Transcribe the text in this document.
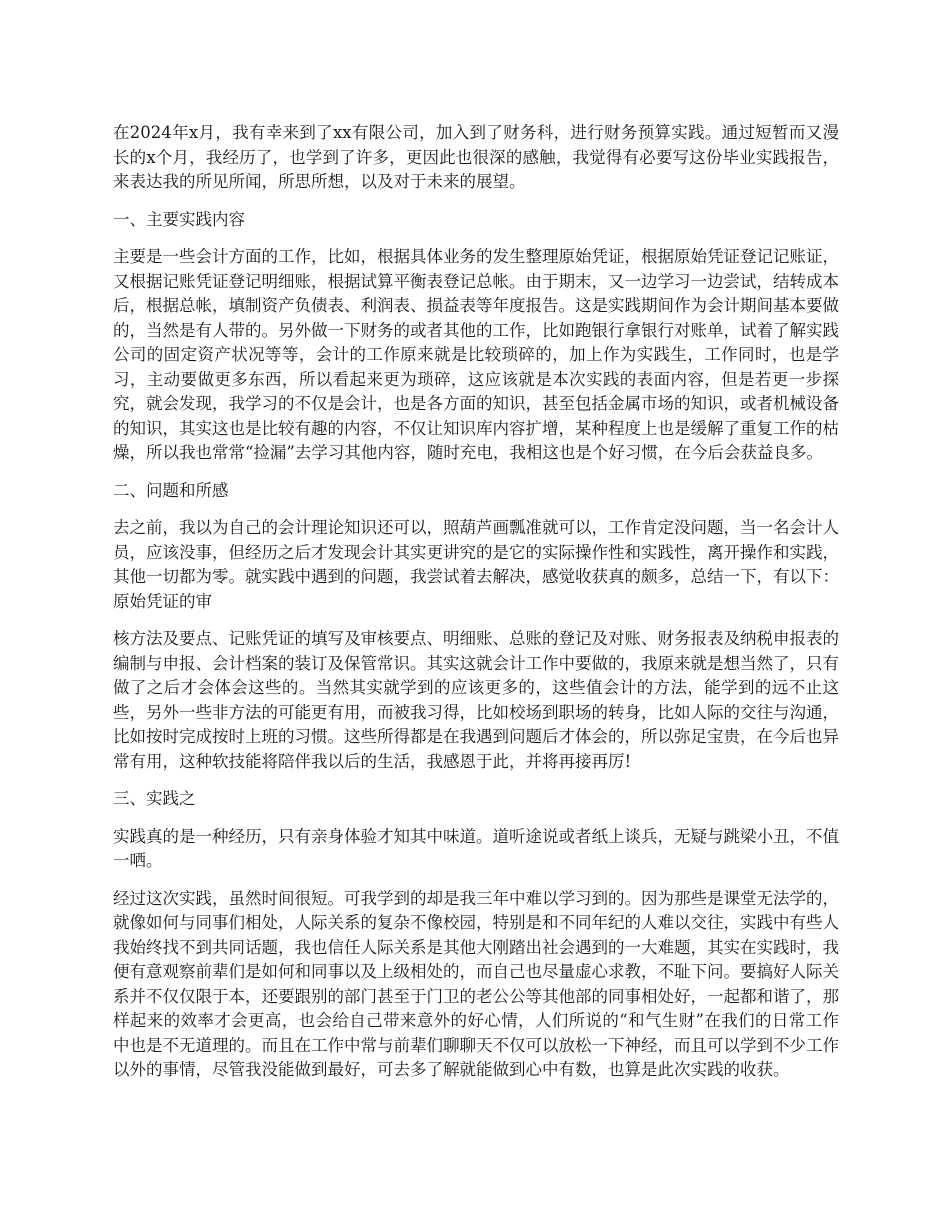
在2024年x月，我有幸来到了xx有限公司，加入到了财务科，进行财务预算实践。通过短暂而又漫长的x个月，我经历了，也学到了许多，更因此也很深的感触，我觉得有必要写这份毕业实践报告，来表达我的所见所闻，所思所想，以及对于未来的展望。

一、主要实践内容

主要是一些会计方面的工作，比如，根据具体业务的发生整理原始凭证，根据原始凭证登记记账证，又根据记账凭证登记明细账，根据试算平衡表登记总帐。由于期末，又一边学习一边尝试，结转成本后，根据总帐，填制资产负债表、利润表、损益表等年度报告。这是实践期间作为会计期间基本要做的，当然是有人带的。另外做一下财务的或者其他的工作，比如跑银行拿银行对账单，试着了解实践公司的固定资产状况等等，会计的工作原来就是比较琐碎的，加上作为实践生，工作同时，也是学习，主动要做更多东西，所以看起来更为琐碎，这应该就是本次实践的表面内容，但是若更一步探究，就会发现，我学习的不仅是会计，也是各方面的知识，甚至包括金属市场的知识，或者机械设备的知识，其实这也是比较有趣的内容，不仅让知识库内容扩增，某种程度上也是缓解了重复工作的枯燥，所以我也常常“捡漏”去学习其他内容，随时充电，我相这也是个好习惯，在今后会获益良多。

二、问题和所感

去之前，我以为自己的会计理论知识还可以，照葫芦画瓢准就可以，工作肯定没问题，当一名会计人员，应该没事，但经历之后才发现会计其实更讲究的是它的实际操作性和实践性，离开操作和实践，其他一切都为零。就实践中遇到的问题，我尝试着去解决，感觉收获真的颇多，总结一下，有以下：原始凭证的审

核方法及要点、记账凭证的填写及审核要点、明细账、总账的登记及对账、财务报表及纳税申报表的编制与申报、会计档案的装订及保管常识。其实这就会计工作中要做的，我原来就是想当然了，只有做了之后才会体会这些的。当然其实就学到的应该更多的，这些值会计的方法，能学到的远不止这些，另外一些非方法的可能更有用，而被我习得，比如校场到职场的转身，比如人际的交往与沟通，比如按时完成按时上班的习惯。这些所得都是在我遇到问题后才体会的，所以弥足宝贵，在今后也异常有用，这种软技能将陪伴我以后的生活，我感恩于此，并将再接再厉!

三、实践之

实践真的是一种经历，只有亲身体验才知其中味道。道听途说或者纸上谈兵，无疑与跳梁小丑，不值一哂。

经过这次实践，虽然时间很短。可我学到的却是我三年中难以学习到的。因为那些是课堂无法学的，就像如何与同事们相处，人际关系的复杂不像校园，特别是和不同年纪的人难以交往，实践中有些人我始终找不到共同话题，我也信任人际关系是其他大刚踏出社会遇到的一大难题，其实在实践时，我便有意观察前辈们是如何和同事以及上级相处的，而自己也尽量虚心求教，不耻下问。要搞好人际关系并不仅仅限于本，还要跟别的部门甚至于门卫的老公公等其他部的同事相处好，一起都和谐了，那样起来的效率才会更高，也会给自己带来意外的好心情，人们所说的“和气生财”在我们的日常工作中也是不无道理的。而且在工作中常与前辈们聊聊天不仅可以放松一下神经，而且可以学到不少工作以外的事情，尽管我没能做到最好，可去多了解就能做到心中有数，也算是此次实践的收获。
